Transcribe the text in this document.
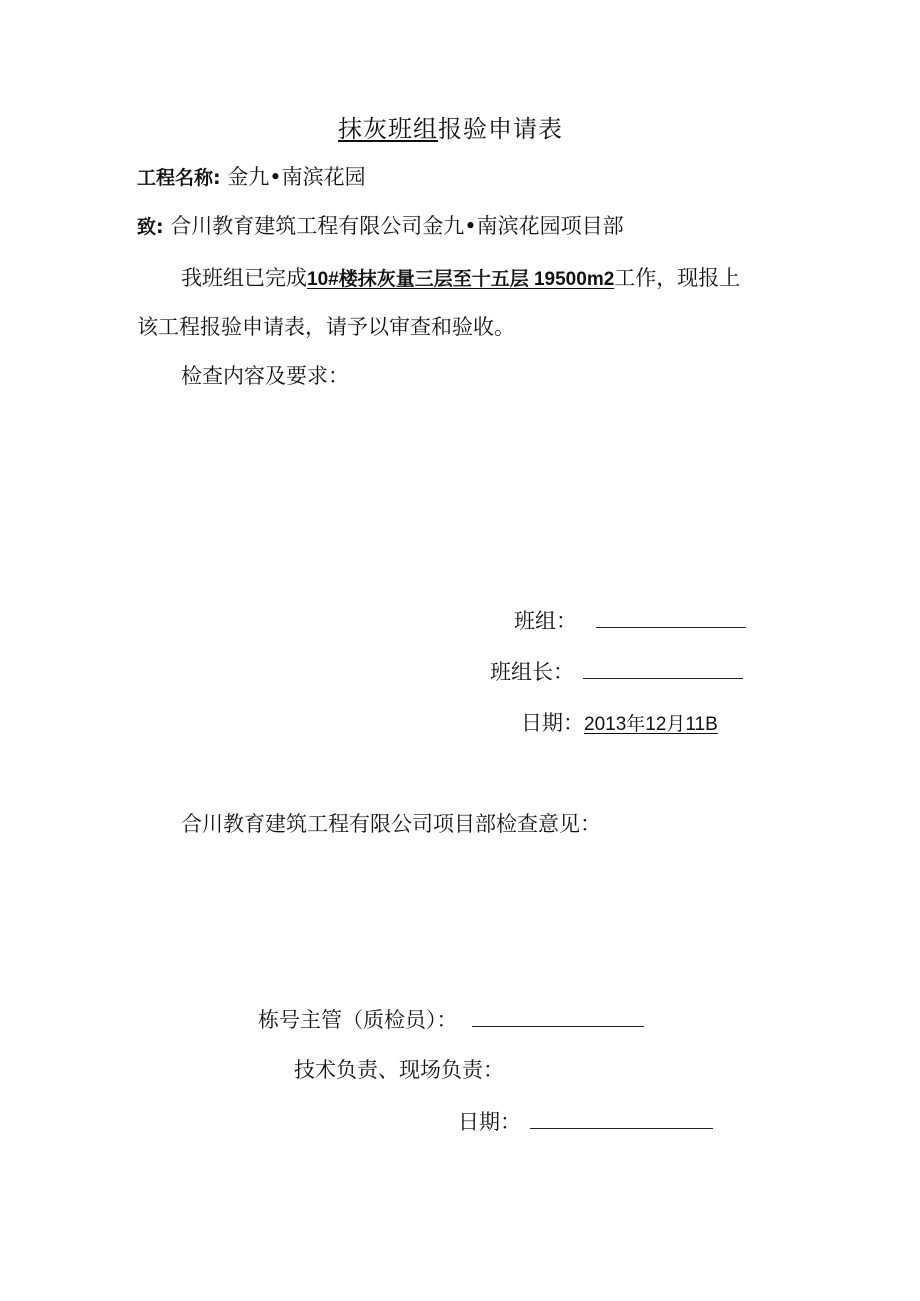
抹灰班组报验申请表
工程名称: 金九•南滨花园
致: 合川教育建筑工程有限公司金九•南滨花园项目部
我班组已完成10#楼抹灰量三层至十五层 19500m2工作，现报上
该工程报验申请表，请予以审查和验收。
检查内容及要求：
班组：
班组长：
日期：2013年12月11B
合川教育建筑工程有限公司项目部检查意见：
栋号主管（质检员）：
技术负责、现场负责：
日期：
